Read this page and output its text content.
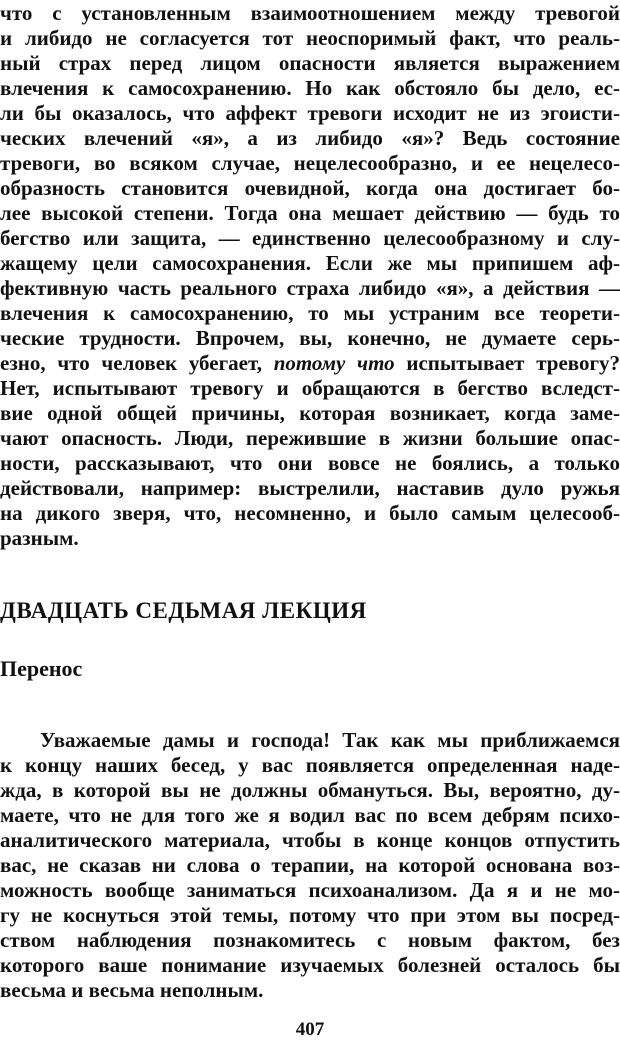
что с установленным взаимоотношением между тревогой
и либидо не согласуется тот неоспоримый факт, что реаль-
ный страх перед лицом опасности является выражением
влечения к самосохранению. Но как обстояло бы дело, ес-
ли бы оказалось, что аффект тревоги исходит не из эгоисти-
ческих влечений «я», а из либидо «я»? Ведь состояние
тревоги, во всяком случае, нецелесообразно, и ее нецелесо-
образность становится очевидной, когда она достигает бо-
лее высокой степени. Тогда она мешает действию — будь то
бегство или защита, — единственно целесообразному и слу-
жащему цели самосохранения. Если же мы припишем аф-
фективную часть реального страха либидо «я», а действия —
влечения к самосохранению, то мы устраним все теорети-
ческие трудности. Впрочем, вы, конечно, не думаете серь-
езно, что человек убегает, потому что испытывает тревогу?
Нет, испытывают тревогу и обращаются в бегство вследст-
вие одной общей причины, которая возникает, когда заме-
чают опасность. Люди, пережившие в жизни большие опас-
ности, рассказывают, что они вовсе не боялись, а только
действовали, например: выстрелили, наставив дуло ружья
на дикого зверя, что, несомненно, и было самым целесооб-
разным.
ДВАДЦАТЬ СЕДЬМАЯ ЛЕКЦИЯ
Перенос
Уважаемые дамы и господа! Так как мы приближаемся
к концу наших бесед, у вас появляется определенная наде-
жда, в которой вы не должны обмануться. Вы, вероятно, ду-
маете, что не для того же я водил вас по всем дебрям психо-
аналитического материала, чтобы в конце концов отпустить
вас, не сказав ни слова о терапии, на которой основана воз-
можность вообще заниматься психоанализом. Да я и не мо-
гу не коснуться этой темы, потому что при этом вы посред-
ством наблюдения познакомитесь с новым фактом, без
которого ваше понимание изучаемых болезней осталось бы
весьма и весьма неполным.
407
